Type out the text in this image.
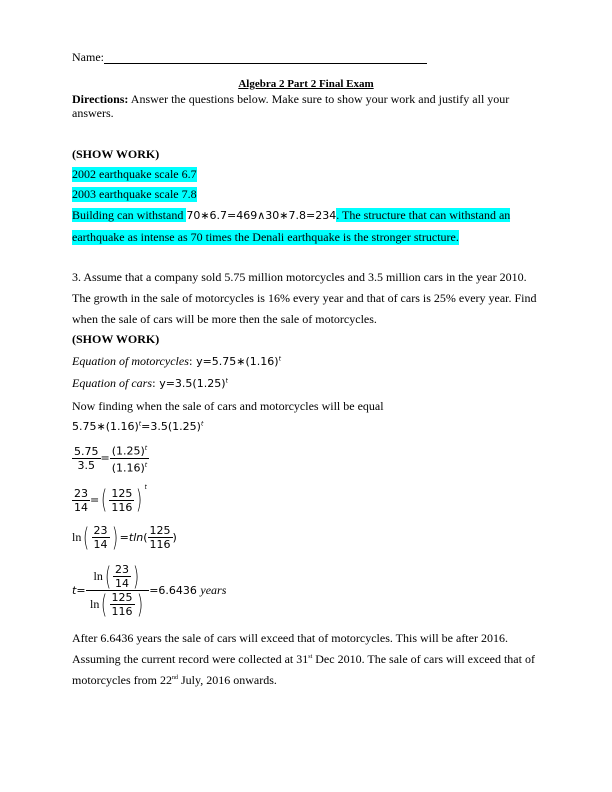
Name:
Algebra 2 Part 2 Final Exam
Directions: Answer the questions below. Make sure to show your work and justify all your
answers.
(SHOW WORK)
2002 earthquake scale 6.7
2003 earthquake scale 7.8
Building can withstand 70∗6.7=469∧30∗7.8=234. The structure that can withstand an
earthquake as intense as 70 times the Denali earthquake is the stronger structure.
3. Assume that a company sold 5.75 million motorcycles and 3.5 million cars in the year 2010.
The growth in the sale of motorcycles is 16% every year and that of cars is 25% every year. Find
when the sale of cars will be more then the sale of motorcycles.
(SHOW WORK)
Equation of motorcycles: $y=5.75∗(1.16)^t$
Equation of cars: $y=3.5(1.25)^t$
Now finding when the sale of cars and motorcycles will be equal
$5.75∗(1.16)^t=3.5(1.25)^t$
$\frac{5.75}{3.5} = \frac{(1.25)^t}{(1.16)^t}$
$\frac{23}{14}$ =( $\frac{125}{116}$ ) $^t$
$\ln( \frac{23}{14}$ ) $=tln( \frac{125}{116}$ )
$t= \frac{\ln( \frac{23}{14} )}{\ln( \frac{125}{116} )} =6.6436$ years
After 6.6436 years the sale of cars will exceed that of motorcycles. This will be after 2016.
Assuming the current record were collected at 31st Dec 2010. The sale of cars will exceed that of
motorcycles from 22nd July, 2016 onwards.
